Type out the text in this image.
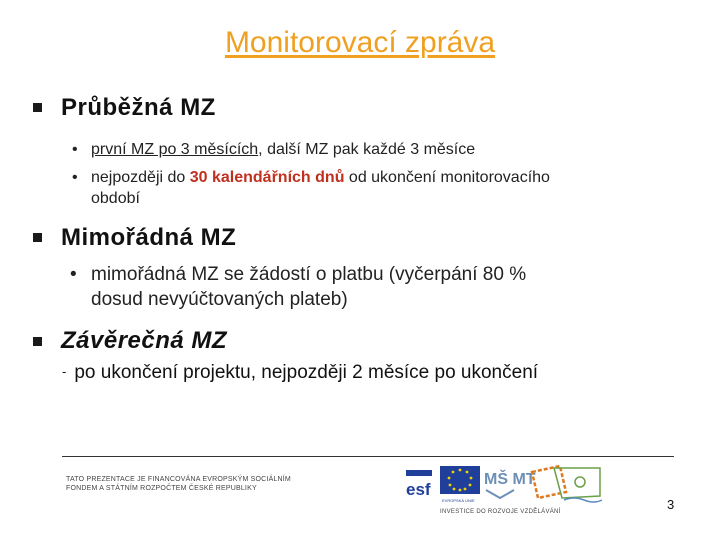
Monitorovací zpráva
Průběžná MZ
• první MZ po 3 měsících, další MZ pak každé 3 měsíce
• nejpozději do 30 kalendářních dnů od ukončení monitorovacího
období
Mimořádná MZ
• mimořádná MZ se žádostí o platbu (vyčerpání 80 %
dosud nevyúčtovaných plateb)
Závěrečná MZ
- po ukončení projektu, nejpozději 2 měsíce po ukončení
TATO PREZENTACE JE FINANCOVÁNA EVROPSKÝM SOCIÁLNÍM
FONDEM A STÁTNÍM ROZPOČTEM ČESKÉ REPUBLIKY	esf
EVROPSKÁ UNIE
MŠ MT
INVESTICE DO ROZVOJE VZDĚLÁVÁNÍ	3
